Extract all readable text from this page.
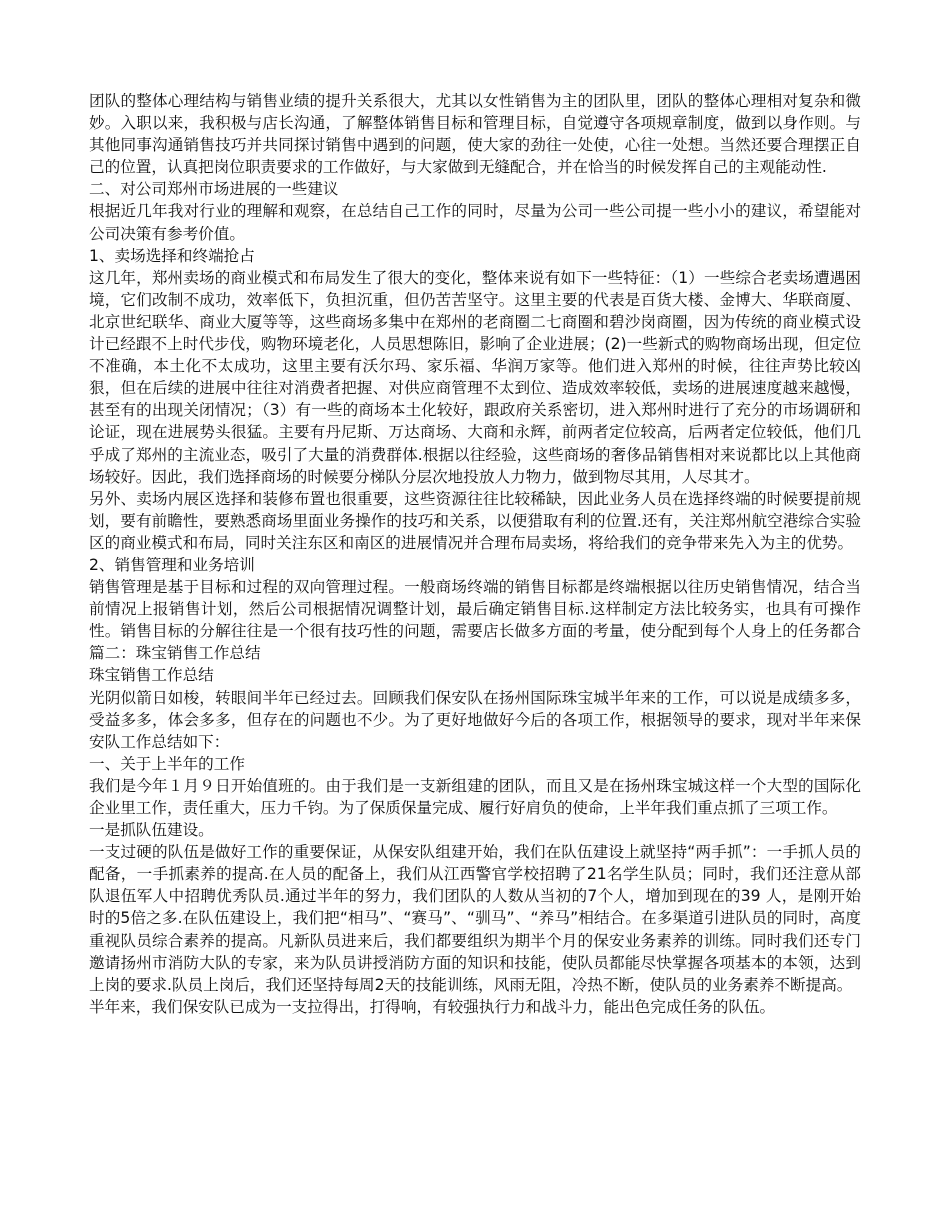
团队的整体心理结构与销售业绩的提升关系很大，尤其以女性销售为主的团队里，团队的整体心理相对复杂和微妙。入职以来，我积极与店长沟通，了解整体销售目标和管理目标，自觉遵守各项规章制度，做到以身作则。与其他同事沟通销售技巧并共同探讨销售中遇到的问题，使大家的劲往一处使，心往一处想。当然还要合理摆正自己的位置，认真把岗位职责要求的工作做好，与大家做到无缝配合，并在恰当的时候发挥自己的主观能动性.

二、对公司郑州市场进展的一些建议

根据近几年我对行业的理解和观察，在总结自己工作的同时，尽量为公司一些公司提一些小小的建议，希望能对公司决策有参考价值。

1、卖场选择和终端抢占

这几年，郑州卖场的商业模式和布局发生了很大的变化，整体来说有如下一些特征：（1）一些综合老卖场遭遇困境，它们改制不成功，效率低下，负担沉重，但仍苦苦坚守。这里主要的代表是百货大楼、金博大、华联商厦、北京世纪联华、商业大厦等等，这些商场多集中在郑州的老商圈二七商圈和碧沙岗商圈，因为传统的商业模式设计已经跟不上时代步伐，购物环境老化，人员思想陈旧，影响了企业进展；(2)一些新式的购物商场出现，但定位不准确，本土化不太成功，这里主要有沃尔玛、家乐福、华润万家等。他们进入郑州的时候，往往声势比较凶狠，但在后续的进展中往往对消费者把握、对供应商管理不太到位、造成效率较低，卖场的进展速度越来越慢，甚至有的出现关闭情况；（3）有一些的商场本土化较好，跟政府关系密切，进入郑州时进行了充分的市场调研和论证，现在进展势头很猛。主要有丹尼斯、万达商场、大商和永辉，前两者定位较高，后两者定位较低，他们几乎成了郑州的主流业态，吸引了大量的消费群体.根据以往经验，这些商场的奢侈品销售相对来说都比以上其他商场较好。因此，我们选择商场的时候要分梯队分层次地投放人力物力，做到物尽其用，人尽其才。

另外、卖场内展区选择和装修布置也很重要，这些资源往往比较稀缺，因此业务人员在选择终端的时候要提前规划，要有前瞻性，要熟悉商场里面业务操作的技巧和关系，以便猎取有利的位置.还有，关注郑州航空港综合实验区的商业模式和布局，同时关注东区和南区的进展情况并合理布局卖场，将给我们的竞争带来先入为主的优势。

2、销售管理和业务培训

销售管理是基于目标和过程的双向管理过程。一般商场终端的销售目标都是终端根据以往历史销售情况，结合当前情况上报销售计划，然后公司根据情况调整计划，最后确定销售目标.这样制定方法比较务实，也具有可操作性。销售目标的分解往往是一个很有技巧性的问题，需要店长做多方面的考量，使分配到每个人身上的任务都合篇二：珠宝销售工作总结

珠宝销售工作总结

光阴似箭日如梭，转眼间半年已经过去。回顾我们保安队在扬州国际珠宝城半年来的工作，可以说是成绩多多，受益多多，体会多多，但存在的问题也不少。为了更好地做好今后的各项工作，根据领导的要求，现对半年来保安队工作总结如下：

一、关于上半年的工作

我们是今年１月９日开始值班的。由于我们是一支新组建的团队，而且又是在扬州珠宝城这样一个大型的国际化企业里工作，责任重大，压力千钧。为了保质保量完成、履行好肩负的使命，上半年我们重点抓了三项工作。

一是抓队伍建设。

一支过硬的队伍是做好工作的重要保证，从保安队组建开始，我们在队伍建设上就坚持“两手抓”：一手抓人员的配备，一手抓素养的提高.在人员的配备上，我们从江西警官学校招聘了21名学生队员；同时，我们还注意从部队退伍军人中招聘优秀队员.通过半年的努力，我们团队的人数从当初的7个人，增加到现在的39 人，是刚开始时的5倍之多.在队伍建设上，我们把“相马”、“赛马”、“驯马”、“养马”相结合。在多渠道引进队员的同时，高度重视队员综合素养的提高。凡新队员进来后，我们都要组织为期半个月的保安业务素养的训练。同时我们还专门邀请扬州市消防大队的专家，来为队员讲授消防方面的知识和技能，使队员都能尽快掌握各项基本的本领，达到上岗的要求.队员上岗后，我们还坚持每周2天的技能训练，风雨无阻，冷热不断，使队员的业务素养不断提高。

半年来，我们保安队已成为一支拉得出，打得响，有较强执行力和战斗力，能出色完成任务的队伍。
